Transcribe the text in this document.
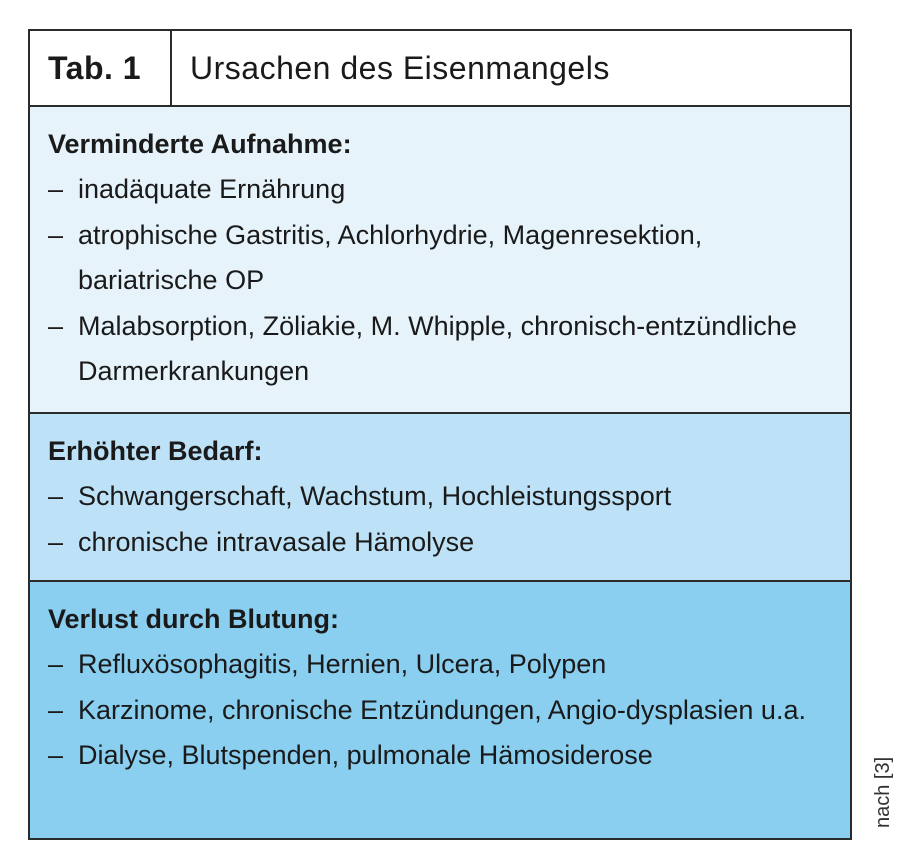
Tab. 1	Ursachen des Eisenmangels

Verminderte Aufnahme:

– inadäquate Ernährung
– atrophische Gastritis, Achlorhydrie, Magenresektion, bariatrische OP
– Malabsorption, Zöliakie, M. Whipple, chronisch-entzündliche Darmerkrankungen

Erhöhter Bedarf:

– Schwangerschaft, Wachstum, Hochleistungssport
– chronische intravasale Hämolyse

Verlust durch Blutung:

– Refluxösophagitis, Hernien, Ulcera, Polypen
– Karzinome, chronische Entzündungen, Angio-dysplasien u.a.
– Dialyse, Blutspenden, pulmonale Hämosiderose
nach [3]
